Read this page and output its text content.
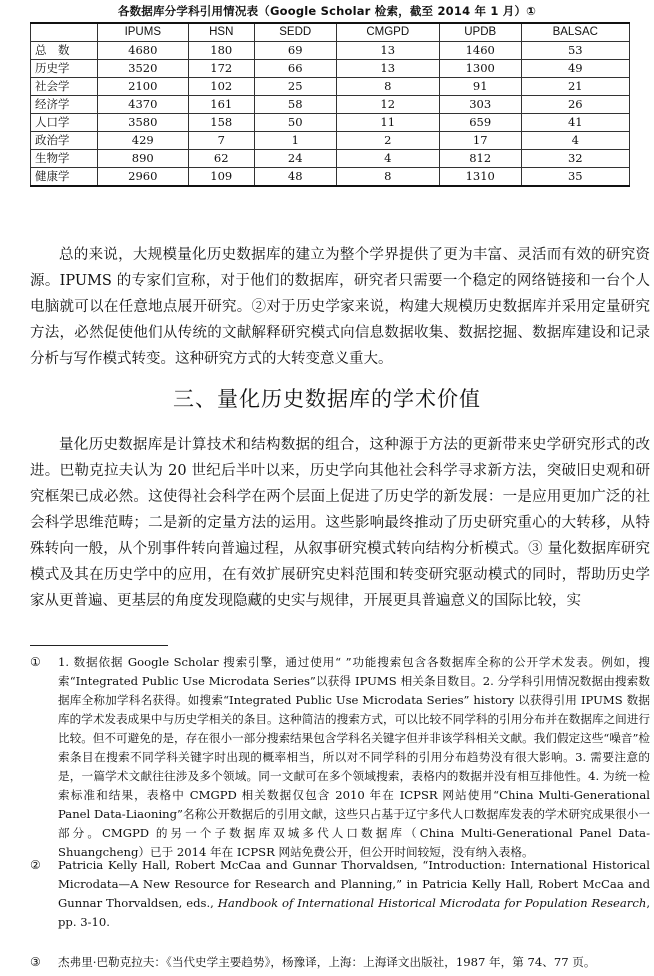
各数据库分学科引用情况表（Google Scholar 检索，截至 2014 年 1 月）①
	IPUMS	HSN	SEDD	CMGPD	UPDB	BALSAC
总　数	4680	180	69	13	1460	53
历史学	3520	172	66	13	1300	49
社会学	2100	102	25	8	91	21
经济学	4370	161	58	12	303	26
人口学	3580	158	50	11	659	41
政治学	429	7	1	2	17	4
生物学	890	62	24	4	812	32
健康学	2960	109	48	8	1310	35

总的来说，大规模量化历史数据库的建立为整个学界提供了更为丰富、灵活而有效的研究资源。IPUMS 的专家们宣称，对于他们的数据库，研究者只需要一个稳定的网络链接和一台个人电脑就可以在任意地点展开研究。②对于历史学家来说，构建大规模历史数据库并采用定量研究方法，必然促使他们从传统的文献解释研究模式向信息数据收集、数据挖掘、数据库建设和记录分析与写作模式转变。这种研究方式的大转变意义重大。

三、量化历史数据库的学术价值

量化历史数据库是计算技术和结构数据的组合，这种源于方法的更新带来史学研究形式的改进。巴勒克拉夫认为 20 世纪后半叶以来，历史学向其他社会科学寻求新方法，突破旧史观和研究框架已成必然。这使得社会科学在两个层面上促进了历史学的新发展：一是应用更加广泛的社会科学思维范畴；二是新的定量方法的运用。这些影响最终推动了历史研究重心的大转移，从特殊转向一般，从个别事件转向普遍过程，从叙事研究模式转向结构分析模式。③ 量化数据库研究模式及其在历史学中的应用，在有效扩展研究史料范围和转变研究驱动模式的同时，帮助历史学家从更普遍、更基层的角度发现隐藏的史实与规律，开展更具普遍意义的国际比较，实

①	1. 数据依据 Google Scholar 搜索引擎，通过使用“ ”功能搜索包含各数据库全称的公开学术发表。例如，搜索“Integrated Public Use Microdata Series”以获得 IPUMS 相关条目数目。2. 分学科引用情况数据由搜索数据库全称加学科名获得。如搜索“Integrated Public Use Microdata Series” history 以获得引用 IPUMS 数据库的学术发表成果中与历史学相关的条目。这种简洁的搜索方式，可以比较不同学科的引用分布并在数据库之间进行比较。但不可避免的是，存在很小一部分搜索结果包含学科名关键字但并非该学科相关文献。我们假定这些“噪音”检索条目在搜索不同学科关键字时出现的概率相当，所以对不同学科的引用分布趋势没有很大影响。3. 需要注意的是，一篇学术文献往往涉及多个领域。同一文献可在多个领域搜索，表格内的数据并没有相互排他性。4. 为统一检索标准和结果，表格中 CMGPD 相关数据仅包含 2010 年在 ICPSR 网站使用“China Multi-Generational Panel Data-Liaoning”名称公开数据后的引用文献，这些只占基于辽宁多代人口数据库发表的学术研究成果很小一部分。CMGPD 的另一个子数据库双城多代人口数据库（China Multi-Generational Panel Data-Shuangcheng）已于 2014 年在 ICPSR 网站免费公开，但公开时间较短，没有纳入表格。
②	Patricia Kelly Hall, Robert McCaa and Gunnar Thorvaldsen, “Introduction: International Historical Microdata—A New Resource for Research and Planning,” in Patricia Kelly Hall, Robert McCaa and Gunnar Thorvaldsen, eds., Handbook of International Historical Microdata for Population Research, pp. 3-10.
③	杰弗里·巴勒克拉夫：《当代史学主要趋势》，杨豫译，上海：上海译文出版社，1987 年，第 74、77 页。
